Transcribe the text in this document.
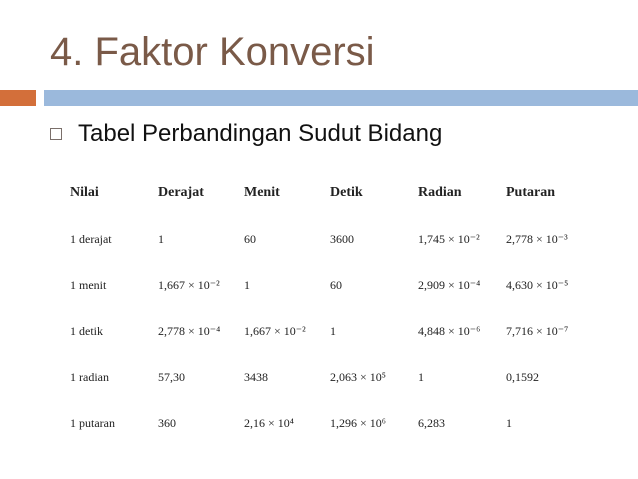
4. Faktor Konversi
Tabel Perbandingan Sudut Bidang
Nilai	Derajat	Menit	Detik	Radian	Putaran
1 derajat	1	60	3600	1,745 × 10⁻²	2,778 × 10⁻³
1 menit	1,667 × 10⁻²	1	60	2,909 × 10⁻⁴	4,630 × 10⁻⁵
1 detik	2,778 × 10⁻⁴	1,667 × 10⁻²	1	4,848 × 10⁻⁶	7,716 × 10⁻⁷
1 radian	57,30	3438	2,063 × 10⁵	1	0,1592
1 putaran	360	2,16 × 10⁴	1,296 × 10⁶	6,283	1
